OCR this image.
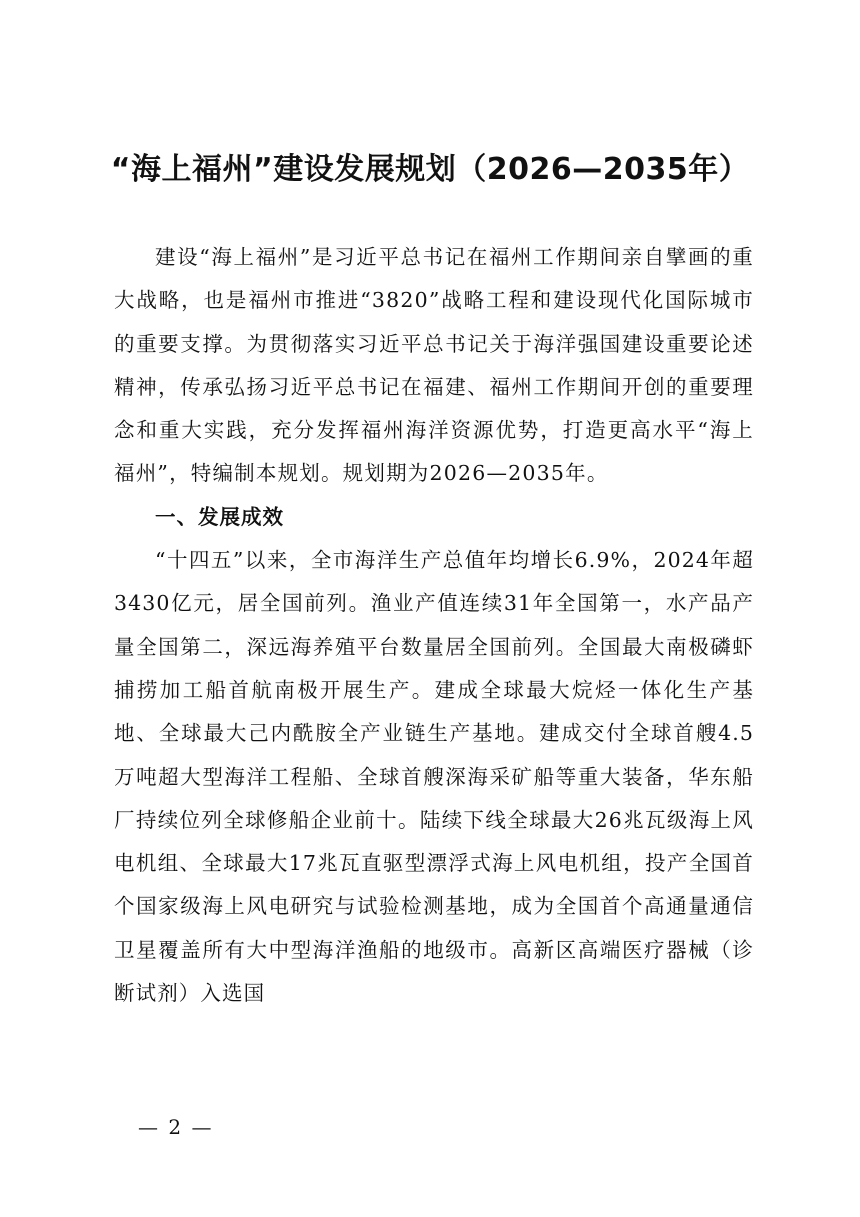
“海上福州”建设发展规划（2026—2035年）

建设“海上福州”是习近平总书记在福州工作期间亲自擘画的重大战略，也是福州市推进“3820”战略工程和建设现代化国际城市的重要支撑。为贯彻落实习近平总书记关于海洋强国建设重要论述精神，传承弘扬习近平总书记在福建、福州工作期间开创的重要理念和重大实践，充分发挥福州海洋资源优势，打造更高水平“海上福州”，特编制本规划。规划期为2026—2035年。

一、发展成效

“十四五”以来，全市海洋生产总值年均增长6.9%，2024年超3430亿元，居全国前列。渔业产值连续31年全国第一，水产品产量全国第二，深远海养殖平台数量居全国前列。全国最大南极磷虾捕捞加工船首航南极开展生产。建成全球最大烷烃一体化生产基地、全球最大己内酰胺全产业链生产基地。建成交付全球首艘4.5万吨超大型海洋工程船、全球首艘深海采矿船等重大装备，华东船厂持续位列全球修船企业前十。陆续下线全球最大26兆瓦级海上风电机组、全球最大17兆瓦直驱型漂浮式海上风电机组，投产全国首个国家级海上风电研究与试验检测基地，成为全国首个高通量通信卫星覆盖所有大中型海洋渔船的地级市。高新区高端医疗器械（诊断试剂）入选国

— 2 —
